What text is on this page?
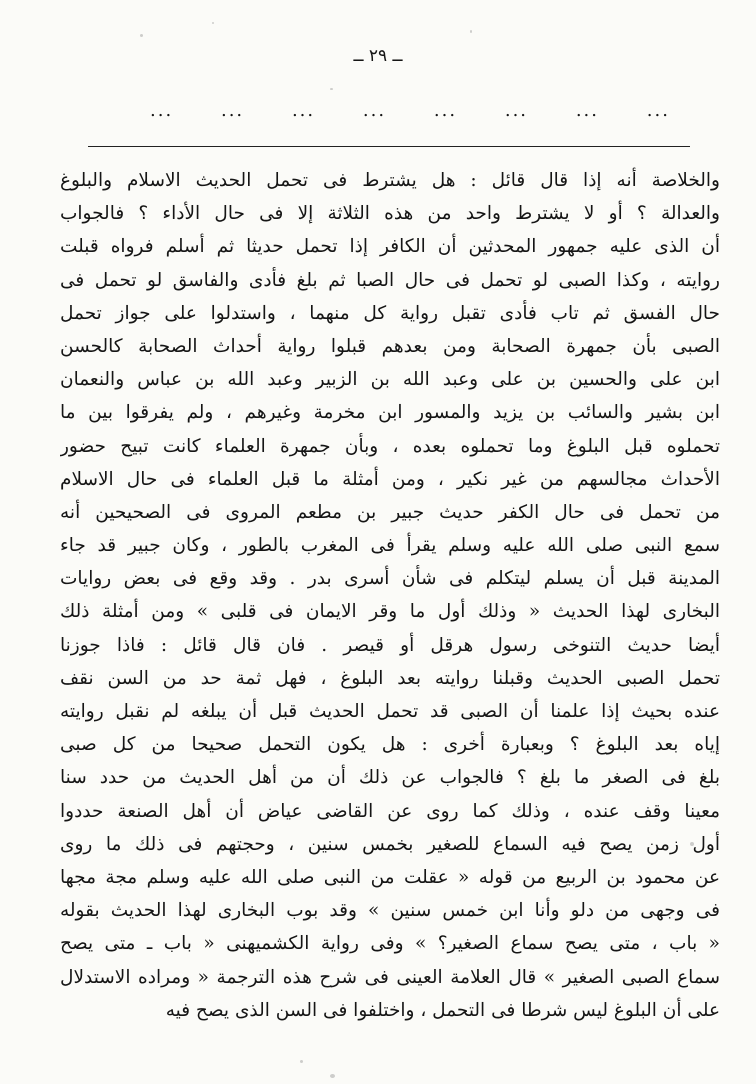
ــ ٢٩ ــ
...	...	...	...	...	...	...	...
والخلاصة أنه إذا قال قائل : هل يشترط فى تحمل الحديث الاسلام والبلوغ
والعدالة ؟ أو لا يشترط واحد من هذه الثلاثة إلا فى حال الأداء ؟ فالجواب
أن الذى عليه جمهور المحدثين أن الكافر إذا تحمل حديثا ثم أسلم فرواه قبلت
روايته ، وكذا الصبى لو تحمل فى حال الصبا ثم بلغ فأدى والفاسق لو تحمل فى
حال الفسق ثم تاب فأدى تقبل رواية كل منهما ، واستدلوا على جواز تحمل
الصبى بأن جمهرة الصحابة ومن بعدهم قبلوا رواية أحداث الصحابة كالحسن
ابن على والحسين بن على وعبد الله بن الزبير وعبد الله بن عباس والنعمان
ابن بشير والسائب بن يزيد والمسور ابن مخرمة وغيرهم ، ولم يفرقوا بين ما
تحملوه قبل البلوغ وما تحملوه بعده ، وبأن جمهرة العلماء كانت تبيح حضور
الأحداث مجالسهم من غير نكير ، ومن أمثلة ما قبل العلماء فى حال الاسلام
من تحمل فى حال الكفر حديث جبير بن مطعم المروى فى الصحيحين أنه
سمع النبى صلى الله عليه وسلم يقرأ فى المغرب بالطور ، وكان جبير قد جاء
المدينة قبل أن يسلم ليتكلم فى شأن أسرى بدر . وقد وقع فى بعض روايات
البخارى لهذا الحديث « وذلك أول ما وقر الايمان فى قلبى » ومن أمثلة ذلك
أيضا حديث التنوخى رسول هرقل أو قيصر . فان قال قائل : فاذا جوزنا
تحمل الصبى الحديث وقبلنا روايته بعد البلوغ ، فهل ثمة حد من السن نقف
عنده بحيث إذا علمنا أن الصبى قد تحمل الحديث قبل أن يبلغه لم نقبل روايته
إياه بعد البلوغ ؟ وبعبارة أخرى : هل يكون التحمل صحيحا من كل صبى
بلغ فى الصغر ما بلغ ؟ فالجواب عن ذلك أن من أهل الحديث من حدد سنا
معينا وقف عنده ، وذلك كما روى عن القاضى عياض أن أهل الصنعة حددوا
أول زمن يصح فيه السماع للصغير بخمس سنين ، وحجتهم فى ذلك ما روى
عن محمود بن الربيع من قوله « عقلت من النبى صلى الله عليه وسلم مجة مجها
فى وجهى من دلو وأنا ابن خمس سنين » وقد بوب البخارى لهذا الحديث بقوله
« باب ، متى يصح سماع الصغير؟ » وفى رواية الكشميهنى « باب ـ متى يصح
سماع الصبى الصغير » قال العلامة العينى فى شرح هذه الترجمة « ومراده الاستدلال
على أن البلوغ ليس شرطا فى التحمل ، واختلفوا فى السن الذى يصح فيه
